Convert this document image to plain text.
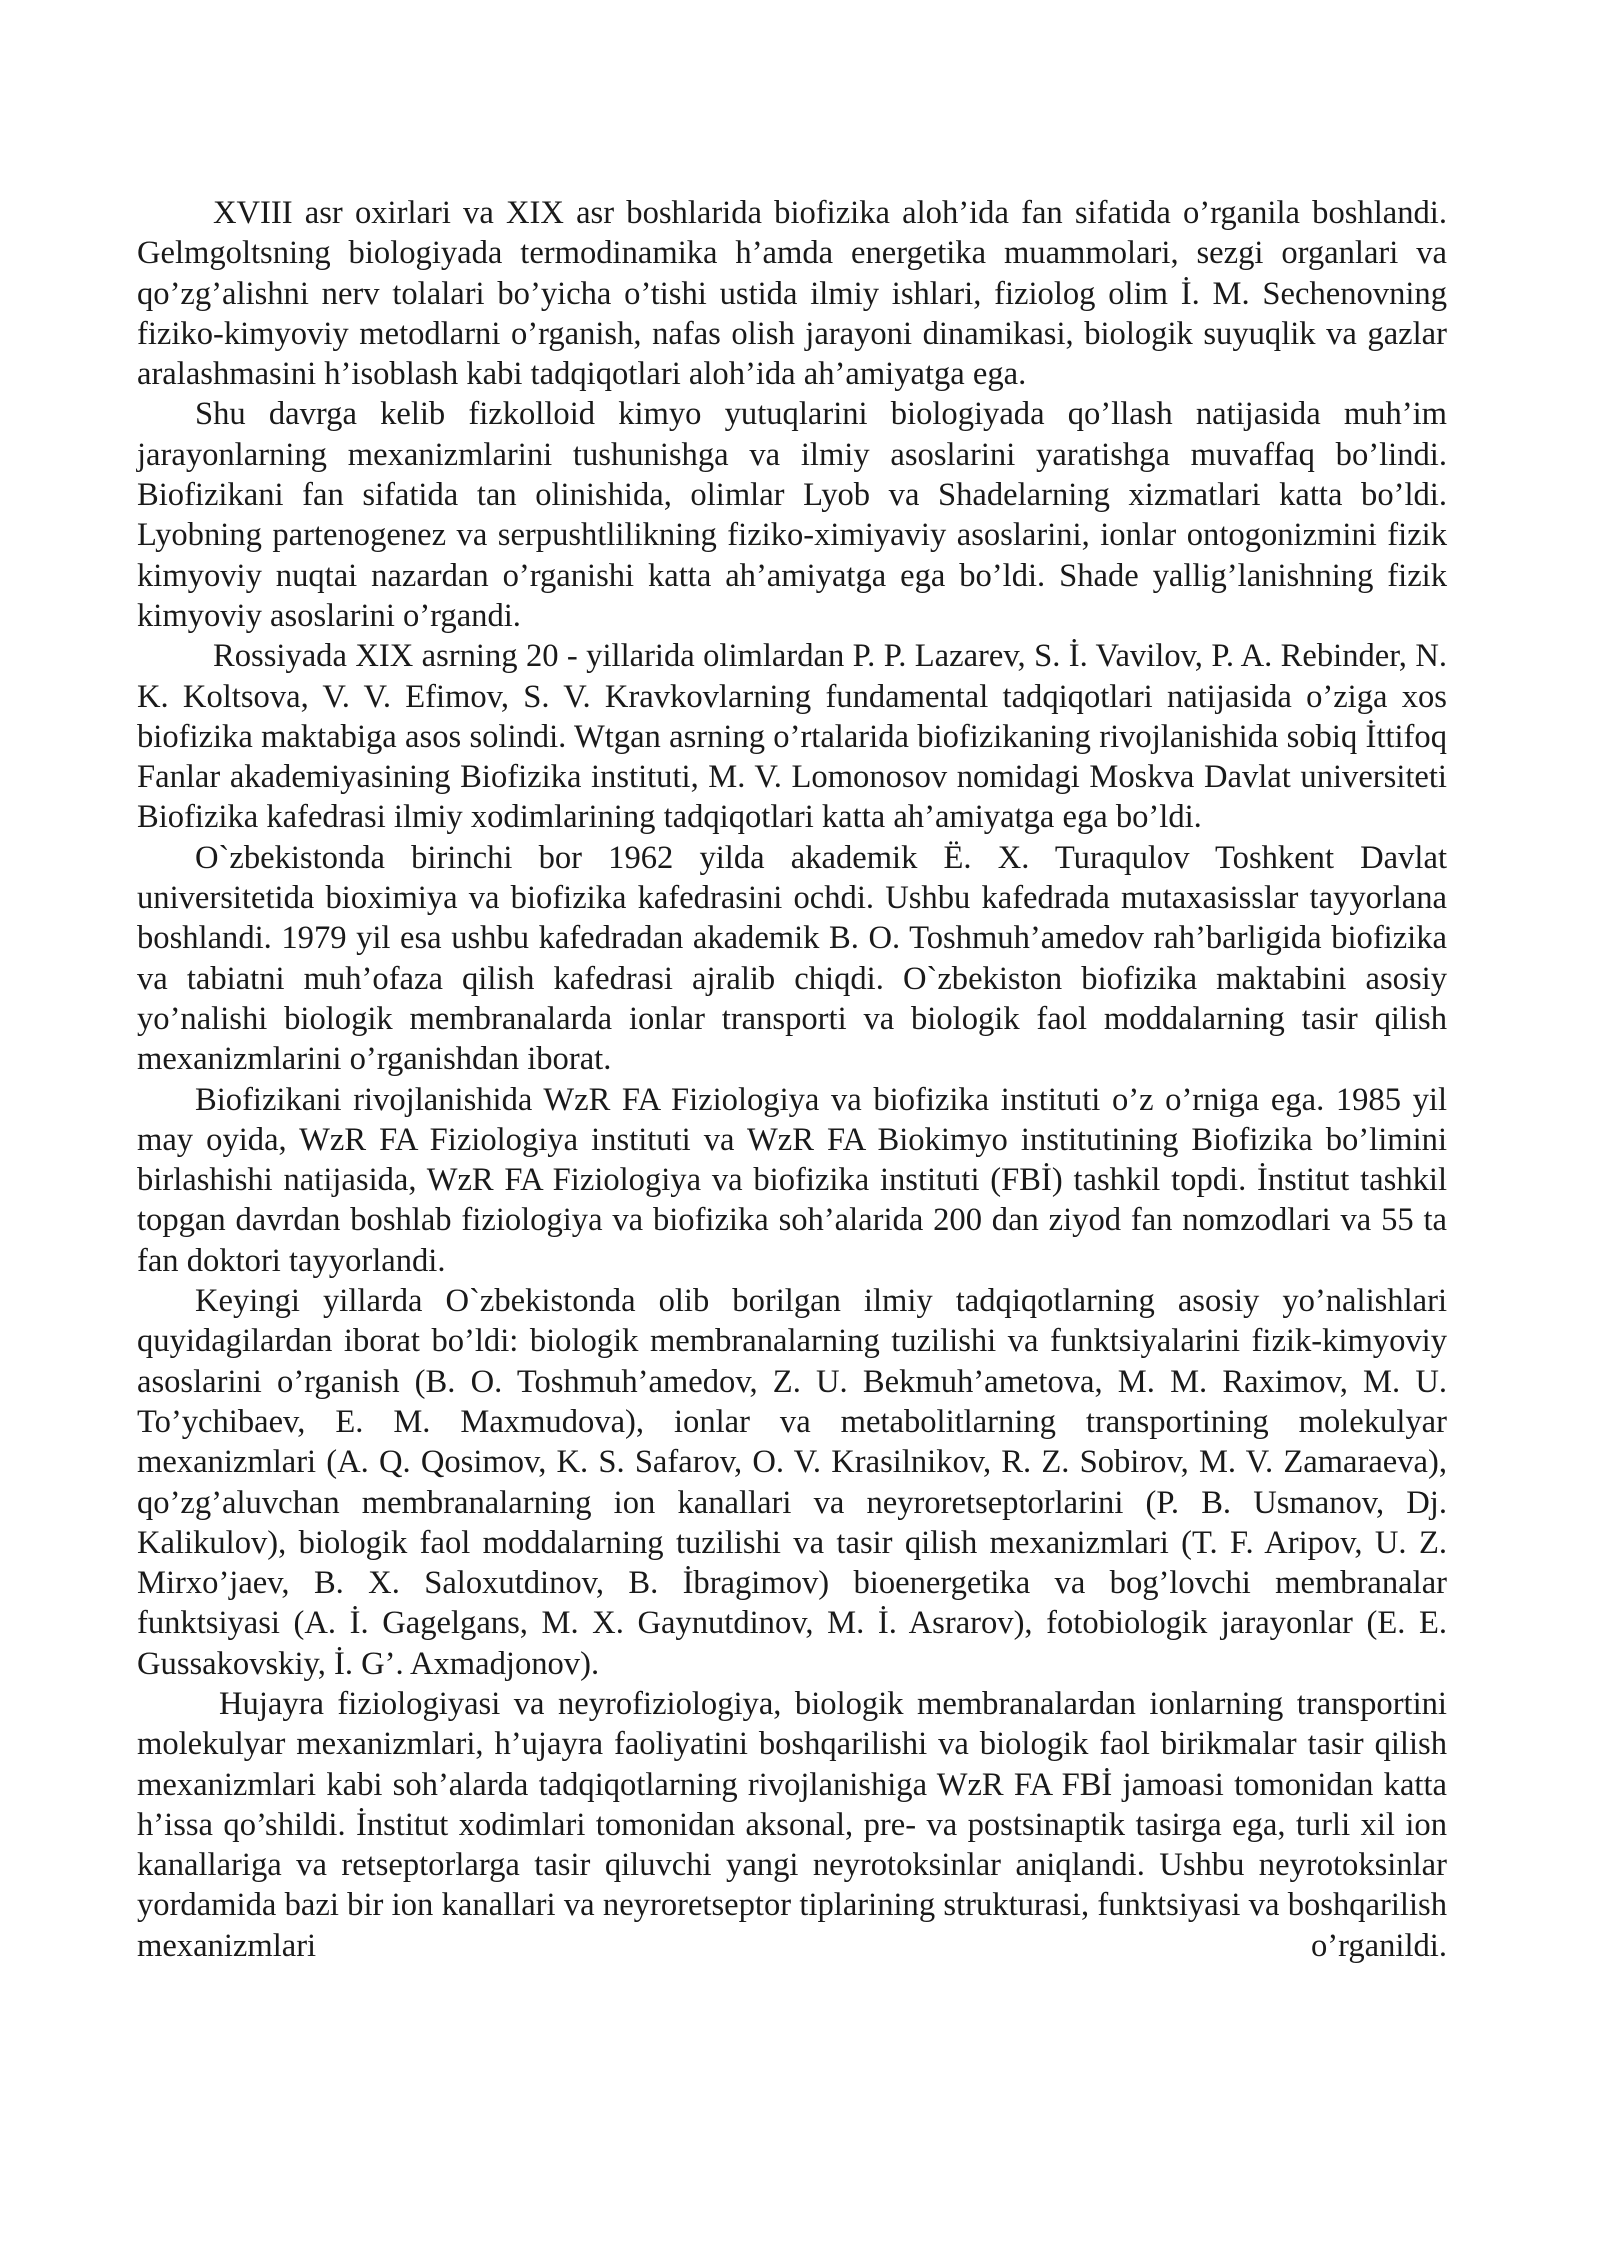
XVIII asr oxirlari va XIX asr boshlarida biofizika aloh’ida fan sifatida o’rganila boshlandi. Gelmgoltsning biologiyada termodinamika h’amda energetika muammolari, sezgi organlari va qo’zg’alishni nerv tolalari bo’yicha o’tishi ustida ilmiy ishlari, fiziolog olim İ. M. Sechenovning fiziko-kimyoviy metodlarni o’rganish, nafas olish jarayoni dinamikasi, biologik suyuqlik va gazlar aralashmasini h’isoblash kabi tadqiqotlari aloh’ida ah’amiyatga ega.

Shu davrga kelib fizkolloid kimyo yutuqlarini biologiyada qo’llash natijasida muh’im jarayonlarning mexanizmlarini tushunishga va ilmiy asoslarini yaratishga muvaffaq bo’lindi. Biofizikani fan sifatida tan olinishida, olimlar Lyob va Shadelarning xizmatlari katta bo’ldi. Lyobning partenogenez va serpushtlilikning fiziko-ximiyaviy asoslarini, ionlar ontogonizmini fizik kimyoviy nuqtai nazardan o’rganishi katta ah’amiyatga ega bo’ldi. Shade yallig’lanishning fizik kimyoviy asoslarini o’rgandi.

Rossiyada XIX asrning 20 - yillarida olimlardan P. P. Lazarev, S. İ. Vavilov, P. A. Rebinder, N. K. Koltsova, V. V. Efimov, S. V. Kravkovlarning fundamental tadqiqotlari natijasida o’ziga xos biofizika maktabiga asos solindi. Wtgan asrning o’rtalarida biofizikaning rivojlanishida sobiq İttifoq Fanlar akademiyasining Biofizika instituti, M. V. Lomonosov nomidagi Moskva Davlat universiteti Biofizika kafedrasi ilmiy xodimlarining tadqiqotlari katta ah’amiyatga ega bo’ldi.

O`zbekistonda birinchi bor 1962 yilda akademik Ë. X. Turaqulov Toshkent Davlat universitetida bioximiya va biofizika kafedrasini ochdi. Ushbu kafedrada mutaxasisslar tayyorlana boshlandi. 1979 yil esa ushbu kafedradan akademik B. O. Toshmuh’amedov rah’barligida biofizika va tabiatni muh’ofaza qilish kafedrasi ajralib chiqdi. O`zbekiston biofizika maktabini asosiy yo’nalishi biologik membranalarda ionlar transporti va biologik faol moddalarning tasir qilish mexanizmlarini o’rganishdan iborat.

Biofizikani rivojlanishida WzR FA Fiziologiya va biofizika instituti o’z o’rniga ega. 1985 yil may oyida, WzR FA Fiziologiya instituti va WzR FA Biokimyo institutining Biofizika bo’limini birlashishi natijasida, WzR FA Fiziologiya va biofizika instituti (FBİ) tashkil topdi. İnstitut tashkil topgan davrdan boshlab fiziologiya va biofizika soh’alarida 200 dan ziyod fan nomzodlari va 55 ta fan doktori tayyorlandi.

Keyingi yillarda O`zbekistonda olib borilgan ilmiy tadqiqotlarning asosiy yo’nalishlari quyidagilardan iborat bo’ldi: biologik membranalarning tuzilishi va funktsiyalarini fizik-kimyoviy asoslarini o’rganish (B. O. Toshmuh’amedov, Z. U. Bekmuh’ametova, M. M. Raximov, M. U. To’ychibaev, E. M. Maxmudova), ionlar va metabolitlarning transportining molekulyar mexanizmlari (A. Q. Qosimov, K. S. Safarov, O. V. Krasilnikov, R. Z. Sobirov, M. V. Zamaraeva), qo’zg’aluvchan membranalarning ion kanallari va neyroretseptorlarini (P. B. Usmanov, Dj. Kalikulov), biologik faol moddalarning tuzilishi va tasir qilish mexanizmlari (T. F. Aripov, U. Z. Mirxo’jaev, B. X. Saloxutdinov, B. İbragimov) bioenergetika va bog’lovchi membranalar funktsiyasi (A. İ. Gagelgans, M. X. Gaynutdinov, M. İ. Asrarov), fotobiologik jarayonlar (E. E. Gussakovskiy, İ. G’. Axmadjonov).

Hujayra fiziologiyasi va neyrofiziologiya, biologik membranalardan ionlarning transportini molekulyar mexanizmlari, h’ujayra faoliyatini boshqarilishi va biologik faol birikmalar tasir qilish mexanizmlari kabi soh’alarda tadqiqotlarning rivojlanishiga WzR FA FBİ jamoasi tomonidan katta h’issa qo’shildi. İnstitut xodimlari tomonidan aksonal, pre- va postsinaptik tasirga ega, turli xil ion kanallariga va retseptorlarga tasir qiluvchi yangi neyrotoksinlar aniqlandi. Ushbu neyrotoksinlar yordamida bazi bir ion kanallari va neyroretseptor tiplarining strukturasi, funktsiyasi va boshqarilish mexanizmlari o’rganildi.
